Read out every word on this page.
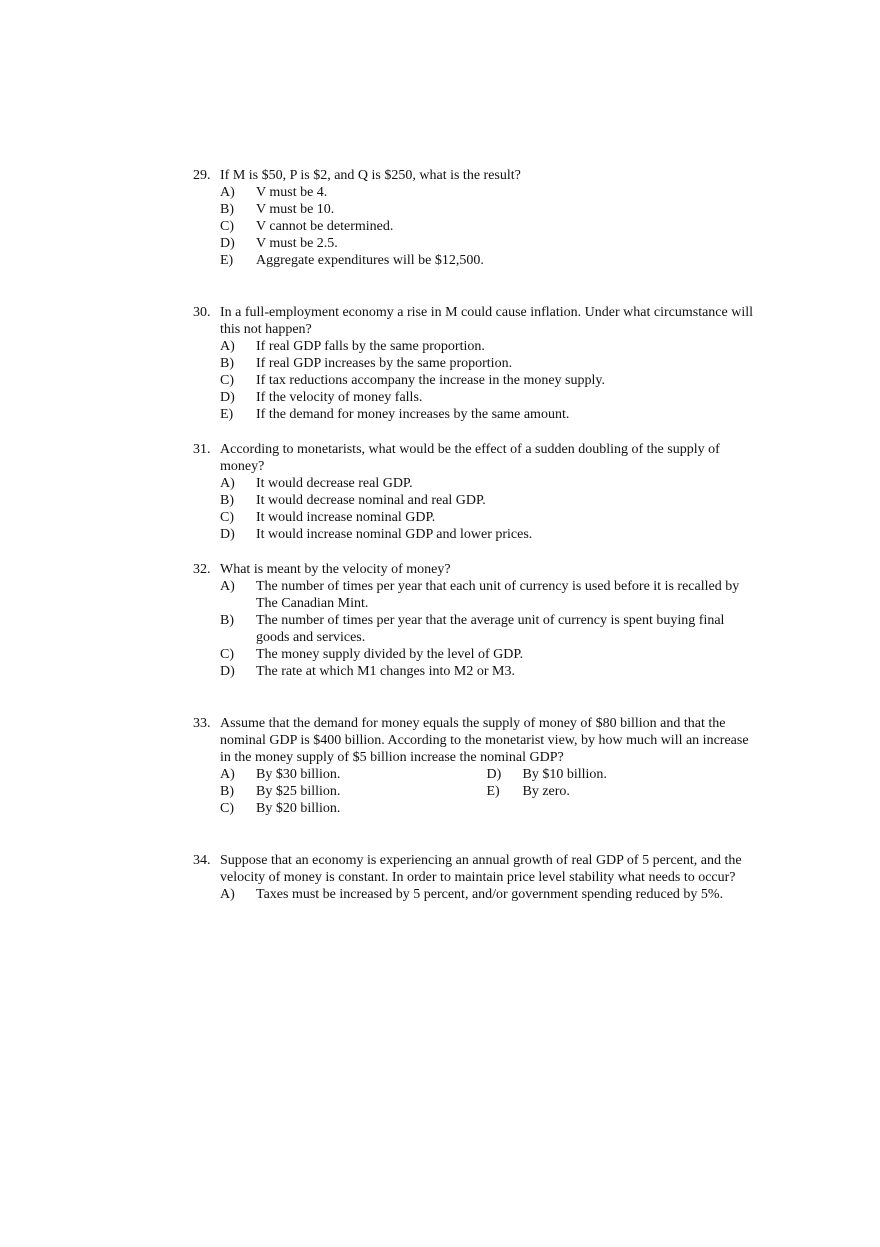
29. If M is $50, P is $2, and Q is $250, what is the result?
A)	V must be 4.
B)	V must be 10.
C)	V cannot be determined.
D)	V must be 2.5.
E)	Aggregate expenditures will be $12,500.
30. In a full-employment economy a rise in M could cause inflation. Under what circumstance will this not happen?
A)	If real GDP falls by the same proportion.
B)	If real GDP increases by the same proportion.
C)	If tax reductions accompany the increase in the money supply.
D)	If the velocity of money falls.
E)	If the demand for money increases by the same amount.
31. According to monetarists, what would be the effect of a sudden doubling of the supply of money?
A)	It would decrease real GDP.
B)	It would decrease nominal and real GDP.
C)	It would increase nominal GDP.
D)	It would increase nominal GDP and lower prices.
32. What is meant by the velocity of money?
A)	The number of times per year that each unit of currency is used before it is recalled by The Canadian Mint.
B)	The number of times per year that the average unit of currency is spent buying final goods and services.
C)	The money supply divided by the level of GDP.
D)	The rate at which M1 changes into M2 or M3.
33. Assume that the demand for money equals the supply of money of $80 billion and that the nominal GDP is $400 billion. According to the monetarist view, by how much will an increase in the money supply of $5 billion increase the nominal GDP?
A)	By $30 billion.
B)	By $25 billion.
C)	By $20 billion.
D)	By $10 billion.
E)	By zero.
34. Suppose that an economy is experiencing an annual growth of real GDP of 5 percent, and the velocity of money is constant. In order to maintain price level stability what needs to occur?
A)	Taxes must be increased by 5 percent, and/or government spending reduced by 5%.
